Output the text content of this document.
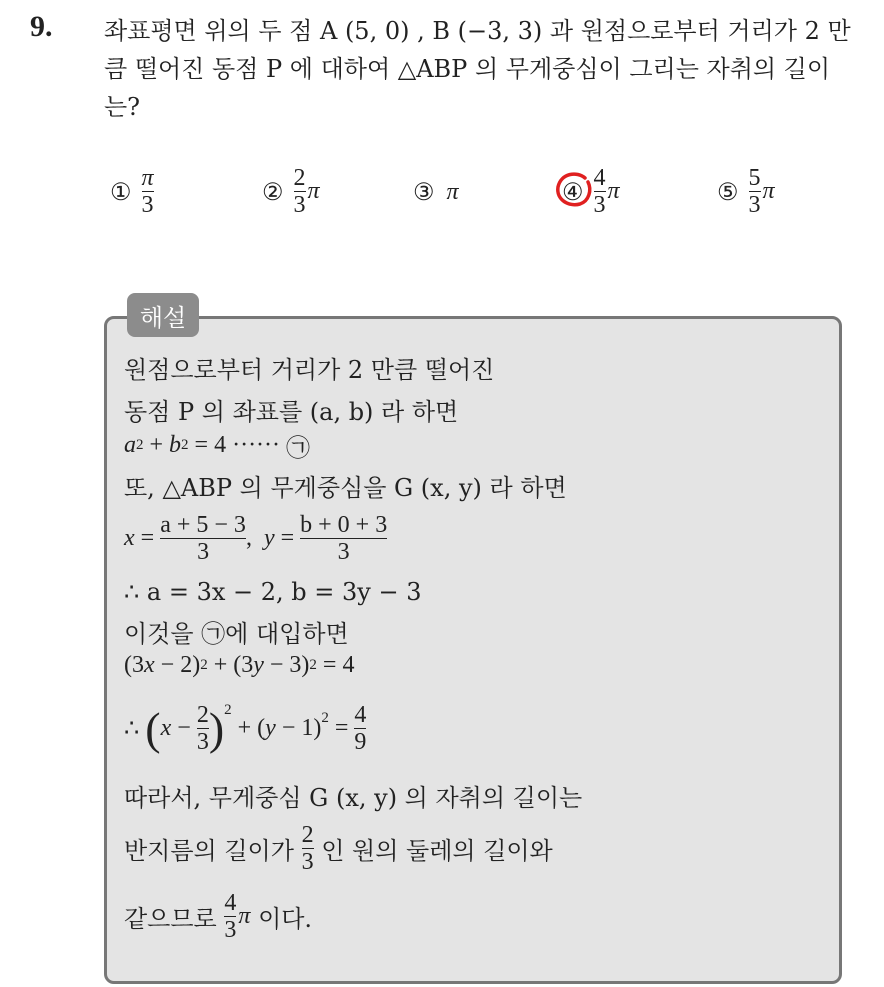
9. 좌표평면 위의 두 점 A (5, 0) , B (−3, 3) 과 원점으로부터 거리가 2 만큼 떨어진 동점 P 에 대하여 △ABP 의 무게중심이 그리는 자취의 길이는?
① $\frac{\pi}{3}$	② $\frac{2}{3}$ π	③ π	④ $\frac{4}{3}$ π	⑤ $\frac{5}{3}$ π
해설
원점으로부터 거리가 2 만큼 떨어진
동점 P 의 좌표를 (a, b) 라 하면
a 2 + b 2 = 4 ······ ㉠
또, △ABP 의 무게중심을 G (x, y) 라 하면
$x = \frac{a + 5 - 3}{3}$ , $y = \frac{b + 0 + 3}{3}$
∴ a = 3x − 2, b = 3y − 3
이것을 ㉠에 대입하면
(3 x − 2) 2 + (3 y − 3) 2 = 4
∴ ( $x - \frac{2}{3} )^2$
+ ( $y - 1)^2 = \frac{4}{9}$
따라서, 무게중심 G (x, y) 의 자취의 길이는
반지름의 길이가
$\frac{2}{3}$
인 원의 둘레의 길이와
같으므로
$\frac{4}{3}$ π
이다.
